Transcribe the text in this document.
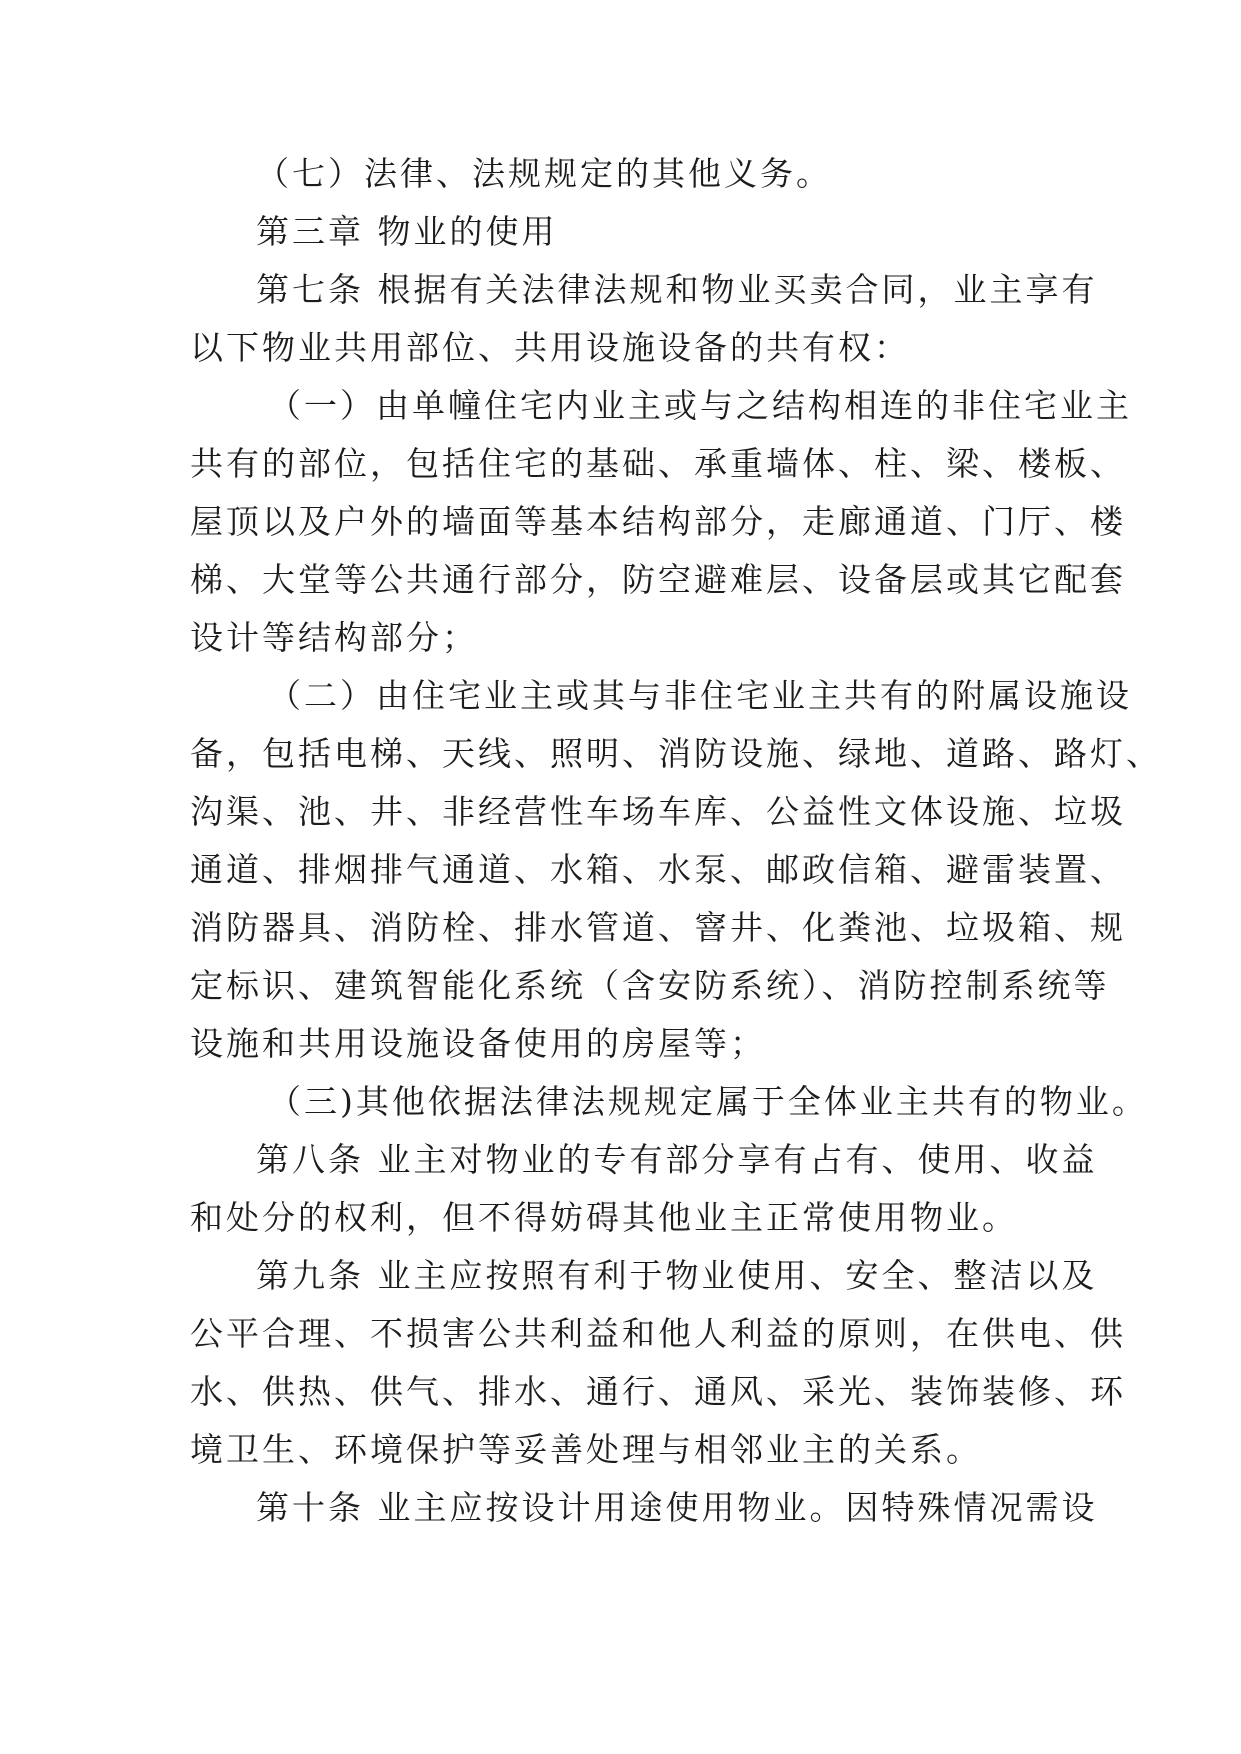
（七）法律、法规规定的其他义务。
第三章 物业的使用
第七条 根据有关法律法规和物业买卖合同，业主享有
以下物业共用部位、共用设施设备的共有权：
（一）由单幢住宅内业主或与之结构相连的非住宅业主
共有的部位，包括住宅的基础、承重墙体、柱、梁、楼板、
屋顶以及户外的墙面等基本结构部分，走廊通道、门厅、楼
梯、大堂等公共通行部分，防空避难层、设备层或其它配套
设计等结构部分；
（二）由住宅业主或其与非住宅业主共有的附属设施设
备，包括电梯、天线、照明、消防设施、绿地、道路、路灯、
沟渠、池、井、非经营性车场车库、公益性文体设施、垃圾
通道、排烟排气通道、水箱、水泵、邮政信箱、避雷装置、
消防器具、消防栓、排水管道、窨井、化粪池、垃圾箱、规
定标识、建筑智能化系统（含安防系统）、消防控制系统等
设施和共用设施设备使用的房屋等；
（三)其他依据法律法规规定属于全体业主共有的物业。
第八条 业主对物业的专有部分享有占有、使用、收益
和处分的权利，但不得妨碍其他业主正常使用物业。
第九条 业主应按照有利于物业使用、安全、整洁以及
公平合理、不损害公共利益和他人利益的原则，在供电、供
水、供热、供气、排水、通行、通风、采光、装饰装修、环
境卫生、环境保护等妥善处理与相邻业主的关系。
第十条 业主应按设计用途使用物业。因特殊情况需设
